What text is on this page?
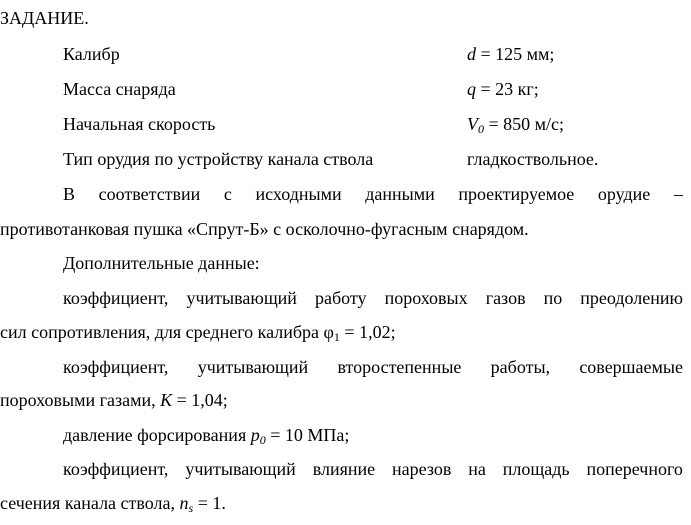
ЗАДАНИЕ.
Калибр	d = 125 мм;
Масса снаряда	q = 23 кг;
Начальная скорость	$V_0 = 850$ м/с;
Тип орудия по устройству канала ствола	гладкоствольное.
В соответствии с исходными данными проектируемое орудие –
противотанковая пушка «Спрут-Б» с осколочно-фугасным снарядом.
Дополнительные данные:
коэффициент, учитывающий работу пороховых газов по преодолению
сил сопротивления, для среднего калибра $\varphi_1 = 1,02$;
коэффициент, учитывающий второстепенные работы, совершаемые
пороховыми газами, K = 1,04;
давление форсирования $p_0 = 10$ МПа;
коэффициент, учитывающий влияние нарезов на площадь поперечного
сечения канала ствола, $n_s = 1$.
